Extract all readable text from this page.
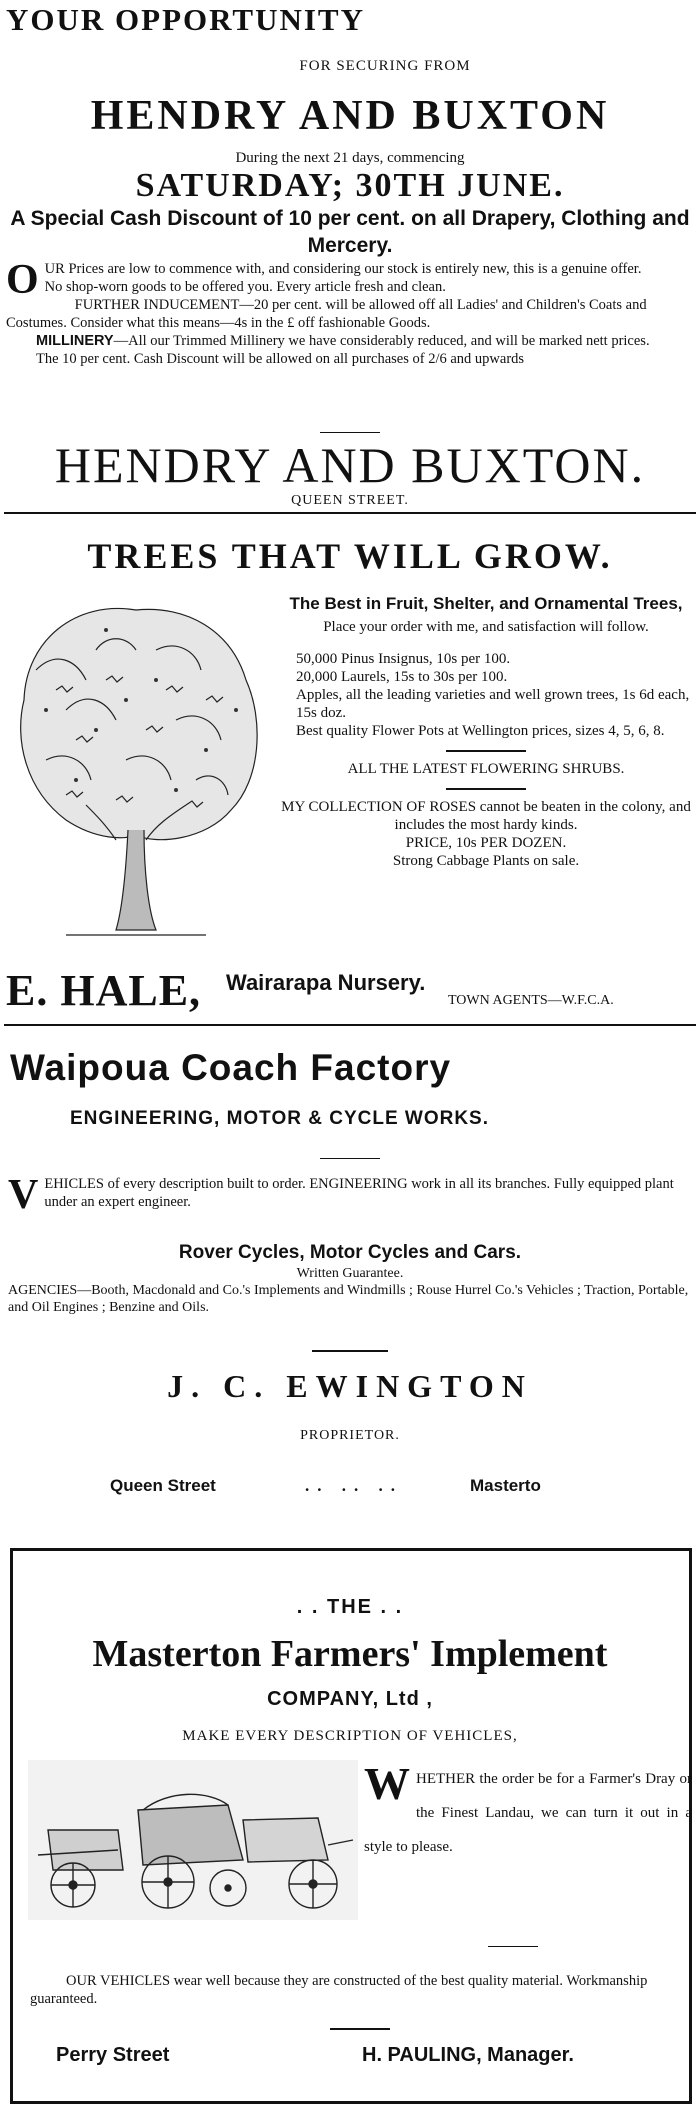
YOUR OPPORTUNITY
FOR SECURING FROM
HENDRY AND BUXTON
During the next 21 days, commencing
SATURDAY; 30TH JUNE.
A Special Cash Discount of 10 per cent. on all Drapery, Clothing and Mercery.

OUR Prices are low to commence with, and considering our stock is entirely new, this is a genuine offer.

No shop-worn goods to be offered you. Every article fresh and clean.

FURTHER INDUCEMENT—20 per cent. will be allowed off all Ladies' and Children's Coats and Costumes. Consider what this means—4s in the £ off fashionable Goods.

MILLINERY—All our Trimmed Millinery we have considerably reduced, and will be marked nett prices.

The 10 per cent. Cash Discount will be allowed on all purchases of 2/6 and upwards

HENDRY AND BUXTON.
QUEEN STREET.
TREES THAT WILL GROW.

The Best in Fruit, Shelter, and Ornamental Trees,

Place your order with me, and satisfaction will follow.

50,000 Pinus Insignus, 10s per 100.

20,000 Laurels, 15s to 30s per 100.

Apples, all the leading varieties and well grown trees, 1s 6d each, 15s doz.

Best quality Flower Pots at Wellington prices, sizes 4, 5, 6, 8.

ALL THE LATEST FLOWERING SHRUBS.

MY COLLECTION OF ROSES cannot be beaten in the colony, and includes the most hardy kinds.

PRICE, 10s PER DOZEN.

Strong Cabbage Plants on sale.

E. HALE, Wairarapa Nursery.
TOWN AGENTS—W.F.C.A.
Waipoua Coach Factory
ENGINEERING, MOTOR & CYCLE WORKS.

VEHICLES of every description built to order. ENGINEERING work in all its branches. Fully equipped plant under an expert engineer.

Rover Cycles, Motor Cycles and Cars.
Written Guarantee.
AGENCIES—Booth, Macdonald and Co.'s Implements and Windmills ; Rouse Hurrel Co.'s Vehicles ; Traction, Portable, and Oil Engines ; Benzine and Oils.
J. C. EWINGTON
PROPRIETOR.
Queen Street	.. .. ..	Masterto
. . THE . .
Masterton Farmers' Implement
COMPANY, Ltd ,
MAKE EVERY DESCRIPTION OF VEHICLES,

WHETHER the order be for a Farmer's Dray or the Finest Landau, we can turn it out in a style to please.

OUR VEHICLES wear well because they are constructed of the best quality material. Workmanship guaranteed.
Perry Street	H. PAULING, Manager.
